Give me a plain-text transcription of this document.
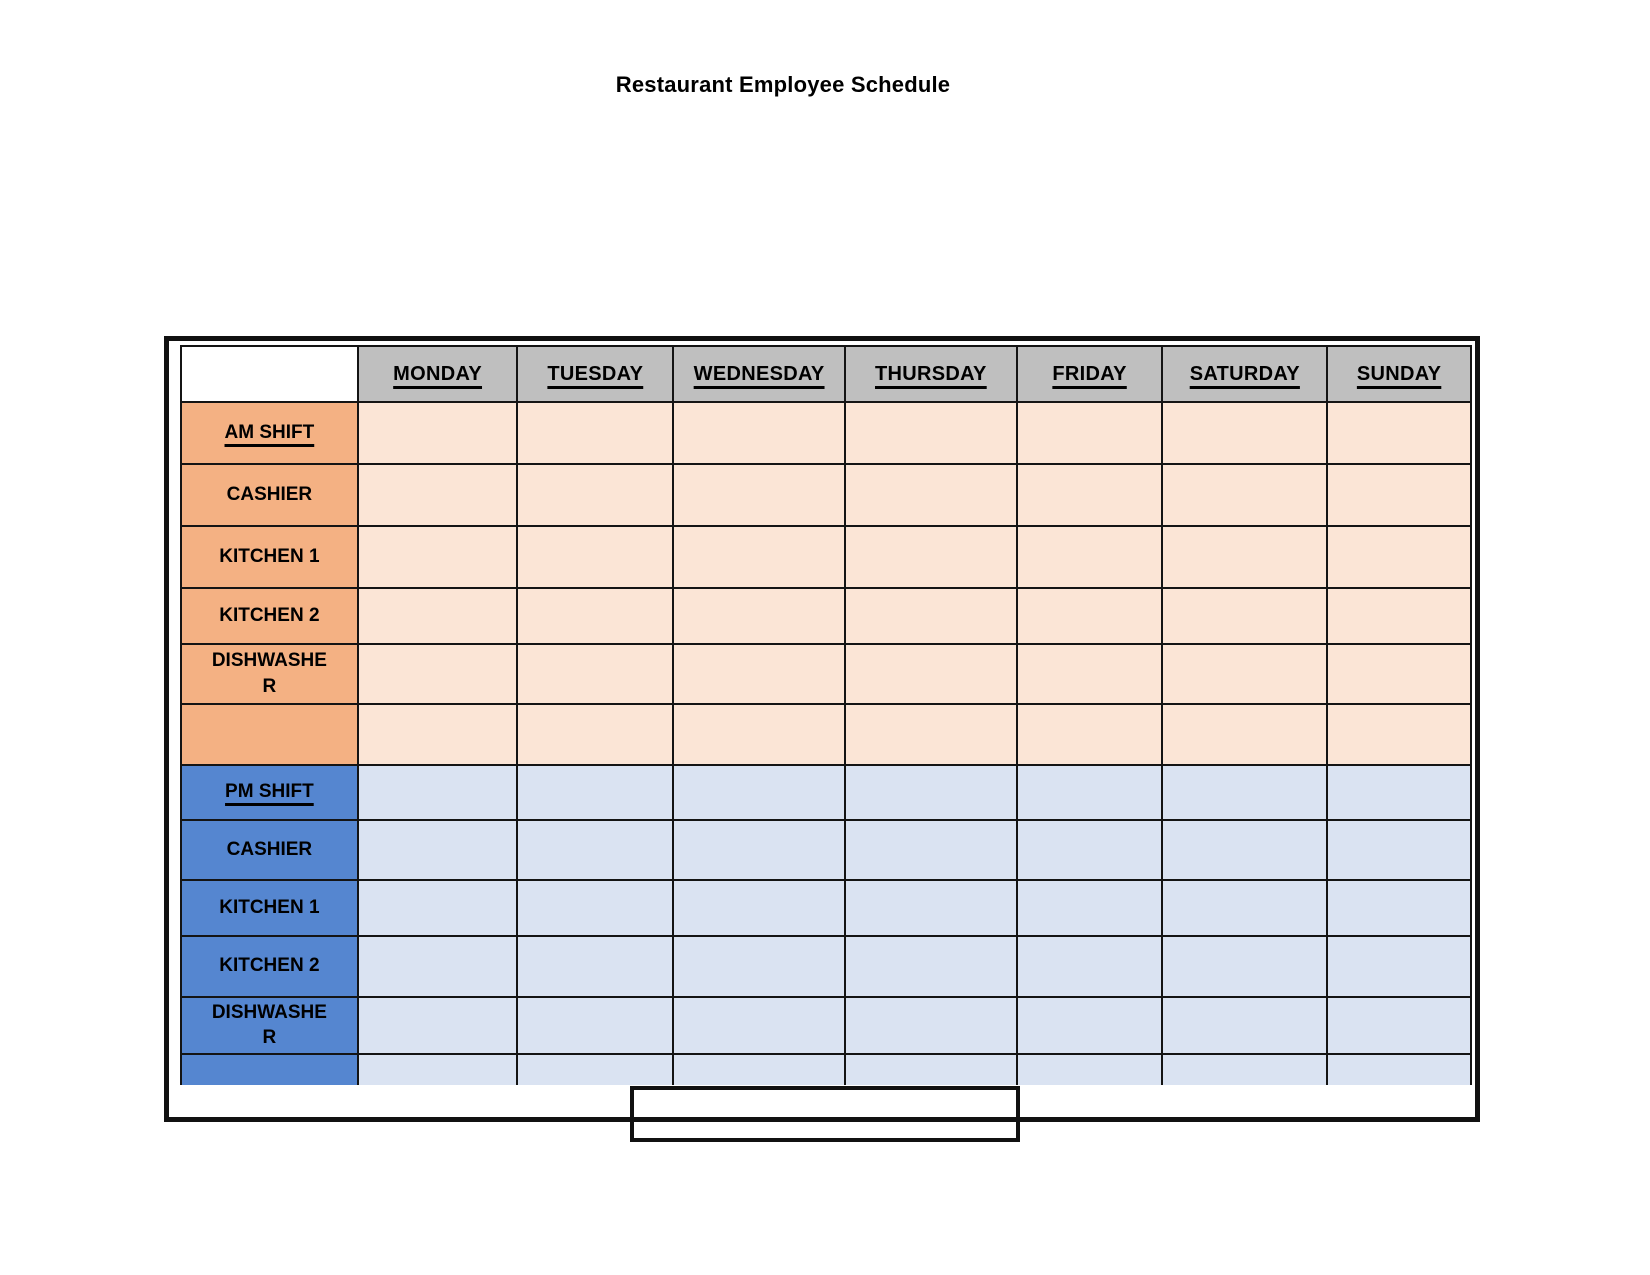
Restaurant Employee Schedule
	MONDAY	TUESDAY	WEDNESDAY	THURSDAY	FRIDAY	SATURDAY	SUNDAY
AM SHIFT							
CASHIER							
KITCHEN 1							
KITCHEN 2							
DISHWASHER							

PM SHIFT							
CASHIER							
KITCHEN 1							
KITCHEN 2							
DISHWASHER							
